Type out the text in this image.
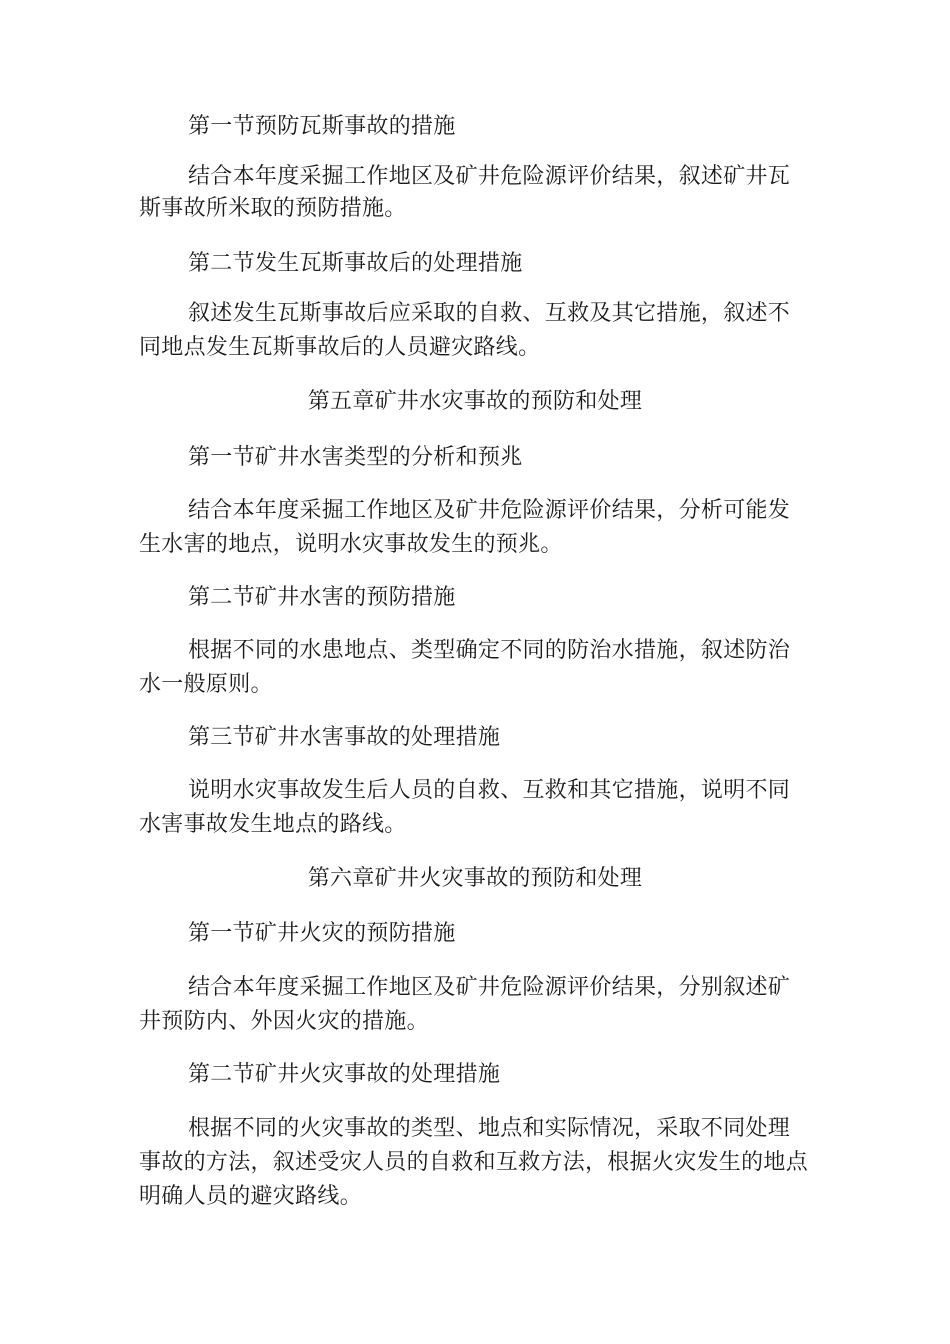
第一节预防瓦斯事故的措施
结合本年度采掘工作地区及矿井危险源评价结果，叙述矿井瓦
斯事故所米取的预防措施。
第二节发生瓦斯事故后的处理措施
叙述发生瓦斯事故后应采取的自救、互救及其它措施，叙述不
同地点发生瓦斯事故后的人员避灾路线。
第五章矿井水灾事故的预防和处理
第一节矿井水害类型的分析和预兆
结合本年度采掘工作地区及矿井危险源评价结果，分析可能发
生水害的地点，说明水灾事故发生的预兆。
第二节矿井水害的预防措施
根据不同的水患地点、类型确定不同的防治水措施，叙述防治
水一般原则。
第三节矿井水害事故的处理措施
说明水灾事故发生后人员的自救、互救和其它措施，说明不同
水害事故发生地点的路线。
第六章矿井火灾事故的预防和处理
第一节矿井火灾的预防措施
结合本年度采掘工作地区及矿井危险源评价结果，分别叙述矿
井预防内、外因火灾的措施。
第二节矿井火灾事故的处理措施
根据不同的火灾事故的类型、地点和实际情况，采取不同处理
事故的方法，叙述受灾人员的自救和互救方法，根据火灾发生的地点
明确人员的避灾路线。
